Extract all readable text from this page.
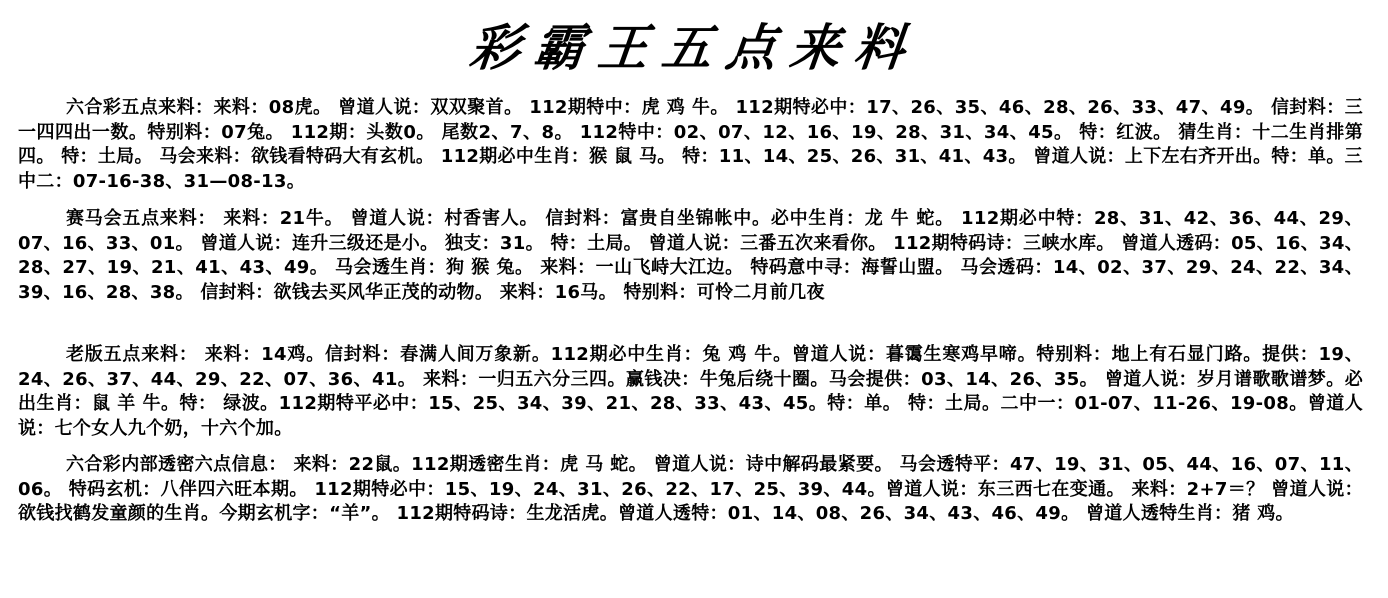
彩霸王五点来料
六合彩五点来料：来料：08虎。 曾道人说：双双聚首。 112期特中：虎 鸡 牛。 112期特必中：17、26、35、46、28、26、33、47、49。 信封料：三一四四出一数。特别料：07兔。 112期：头数0。 尾数2、7、8。 112特中：02、07、12、16、19、28、31、34、45。 特：红波。 猜生肖：十二生肖排第四。 特：土局。 马会来料：欲钱看特码大有玄机。 112期必中生肖：猴 鼠 马。 特：11、14、25、26、31、41、43。 曾道人说：上下左右齐开出。特：单。三中二：07-16-38、31—08-13。
赛马会五点来料： 来料：21牛。 曾道人说：村香害人。 信封料：富贵自坐锦帐中。必中生肖：龙 牛 蛇。 112期必中特：28、31、42、36、44、29、07、16、33、01。 曾道人说：连升三级还是小。 独支：31。 特：土局。 曾道人说：三番五次来看你。 112期特码诗：三峡水库。 曾道人透码：05、16、34、28、27、19、21、41、43、49。 马会透生肖：狗 猴 兔。 来料：一山飞峙大江边。 特码意中寻：海誓山盟。 马会透码：14、02、37、29、24、22、34、39、16、28、38。 信封料：欲钱去买风华正茂的动物。 来料：16马。 特别料：可怜二月前几夜
老版五点来料： 来料：14鸡。信封料：春满人间万象新。112期必中生肖：兔 鸡 牛。曾道人说：暮霭生寒鸡早啼。特别料：地上有石显门路。提供：19、24、26、37、44、29、22、07、36、41。 来料：一归五六分三四。赢钱决：牛兔后绕十圈。马会提供：03、14、26、35。 曾道人说：岁月谱歌歌谱梦。必出生肖：鼠 羊 牛。特： 绿波。112期特平必中：15、25、34、39、21、28、33、43、45。特：单。 特：土局。二中一：01-07、11-26、19-08。曾道人说：七个女人九个奶，十六个加。
六合彩内部透密六点信息： 来料：22鼠。112期透密生肖：虎 马 蛇。 曾道人说：诗中解码最紧要。 马会透特平：47、19、31、05、44、16、07、11、06。 特码玄机：八伴四六旺本期。 112期特必中：15、19、24、31、26、22、17、25、39、44。曾道人说：东三西七在变通。 来料：2+7＝？ 曾道人说：欲钱找鹤发童颜的生肖。今期玄机字：“羊”。 112期特码诗：生龙活虎。曾道人透特：01、14、08、26、34、43、46、49。 曾道人透特生肖：猪 鸡。
